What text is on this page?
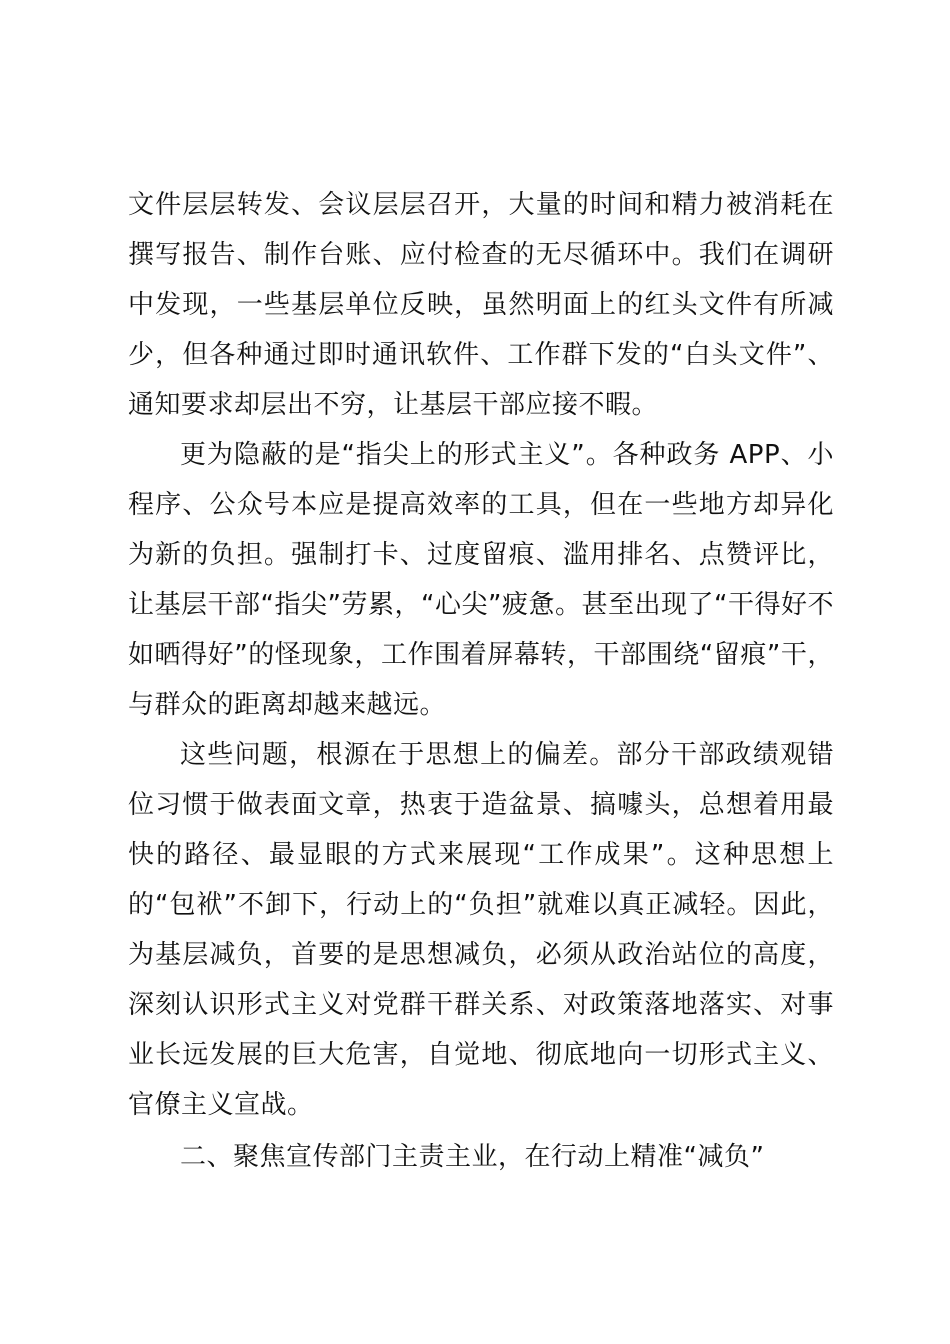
文件层层转发、会议层层召开，大量的时间和精力被消耗在撰写报告、制作台账、应付检查的无尽循环中。我们在调研中发现，一些基层单位反映，虽然明面上的红头文件有所减少，但各种通过即时通讯软件、工作群下发的“白头文件”、通知要求却层出不穷，让基层干部应接不暇。

更为隐蔽的是“指尖上的形式主义”。各种政务 APP、小程序、公众号本应是提高效率的工具，但在一些地方却异化为新的负担。强制打卡、过度留痕、滥用排名、点赞评比，让基层干部“指尖”劳累，“心尖”疲惫。甚至出现了“干得好不如晒得好”的怪现象，工作围着屏幕转，干部围绕“留痕”干，与群众的距离却越来越远。

这些问题，根源在于思想上的偏差。部分干部政绩观错位习惯于做表面文章，热衷于造盆景、搞噱头，总想着用最快的路径、最显眼的方式来展现“工作成果”。这种思想上的“包袱”不卸下，行动上的“负担”就难以真正减轻。因此，为基层减负，首要的是思想减负，必须从政治站位的高度，深刻认识形式主义对党群干群关系、对政策落地落实、对事业长远发展的巨大危害，自觉地、彻底地向一切形式主义、官僚主义宣战。

二、聚焦宣传部门主责主业，在行动上精准“减负”
